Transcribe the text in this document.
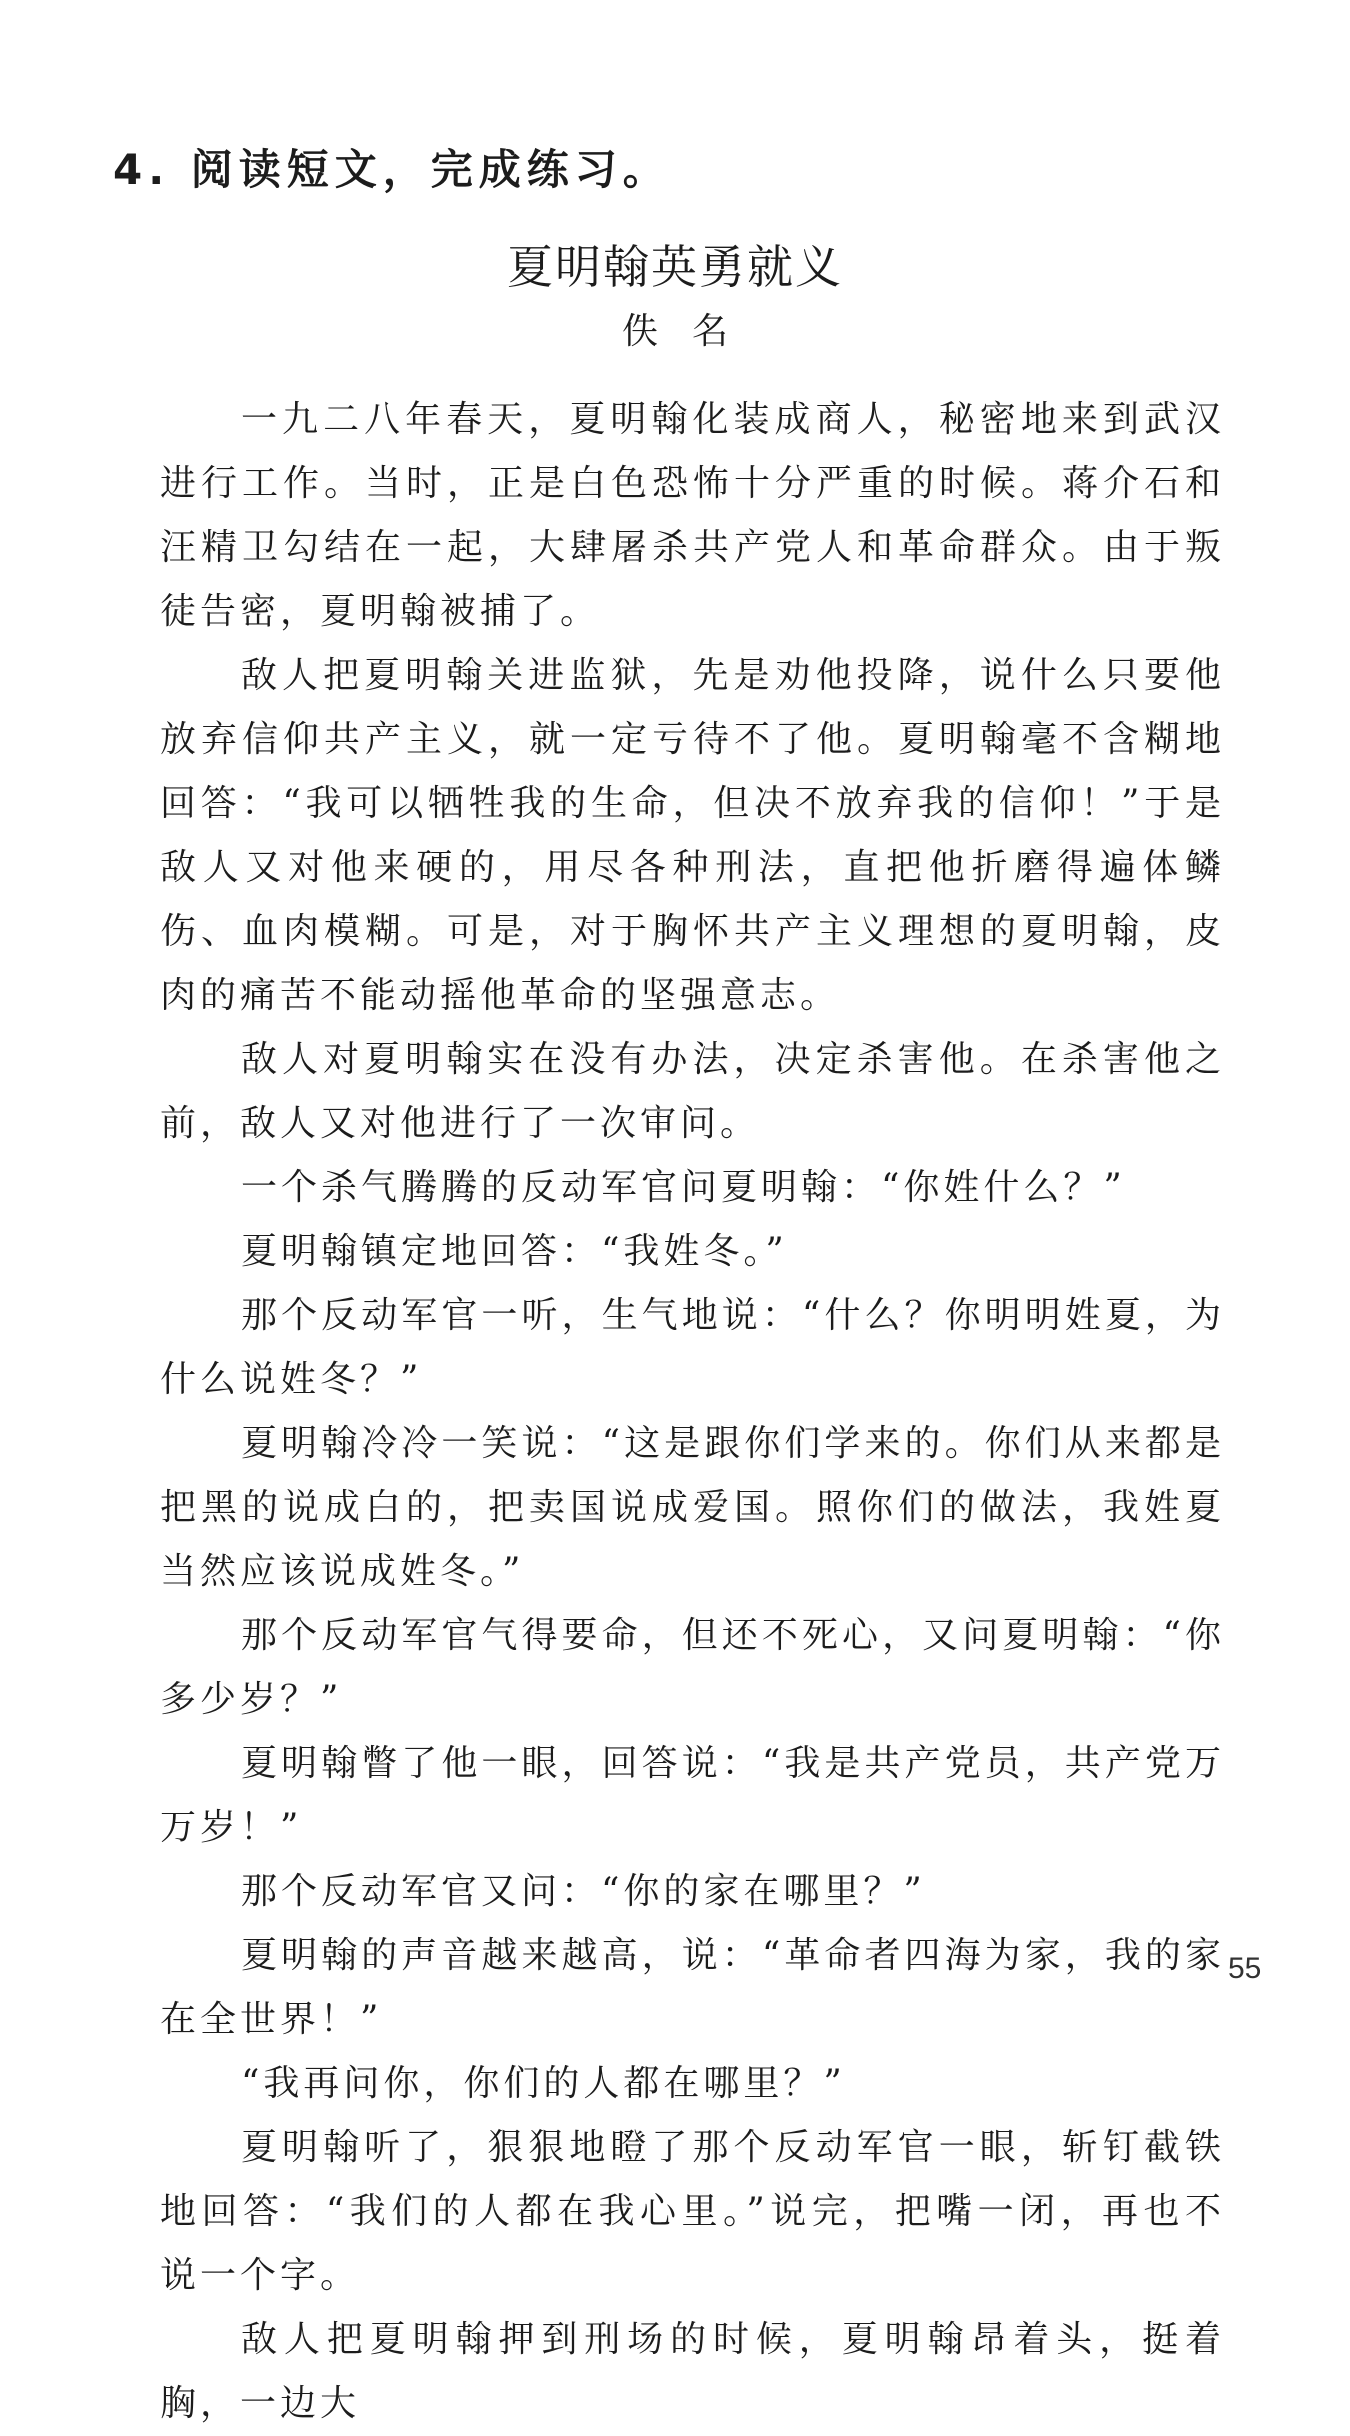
4. 阅读短文，完成练习。
夏明翰英勇就义
佚名

一九二八年春天，夏明翰化装成商人，秘密地来到武汉进行工作。当时，正是白色恐怖十分严重的时候。蒋介石和汪精卫勾结在一起，大肆屠杀共产党人和革命群众。由于叛徒告密，夏明翰被捕了。

敌人把夏明翰关进监狱，先是劝他投降，说什么只要他放弃信仰共产主义，就一定亏待不了他。夏明翰毫不含糊地回答：“我可以牺牲我的生命，但决不放弃我的信仰！”于是敌人又对他来硬的，用尽各种刑法，直把他折磨得遍体鳞伤、血肉模糊。可是，对于胸怀共产主义理想的夏明翰，皮肉的痛苦不能动摇他革命的坚强意志。

敌人对夏明翰实在没有办法，决定杀害他。在杀害他之前，敌人又对他进行了一次审问。

一个杀气腾腾的反动军官问夏明翰：“你姓什么？”

夏明翰镇定地回答：“我姓冬。”

那个反动军官一听，生气地说：“什么？你明明姓夏，为什么说姓冬？”

夏明翰冷冷一笑说：“这是跟你们学来的。你们从来都是把黑的说成白的，把卖国说成爱国。照你们的做法，我姓夏当然应该说成姓冬。”

那个反动军官气得要命，但还不死心，又问夏明翰：“你多少岁？”

夏明翰瞥了他一眼，回答说：“我是共产党员，共产党万万岁！”

那个反动军官又问：“你的家在哪里？”

夏明翰的声音越来越高，说：“革命者四海为家，我的家在全世界！”

“我再问你，你们的人都在哪里？”

夏明翰听了，狠狠地瞪了那个反动军官一眼，斩钉截铁地回答：“我们的人都在我心里。”说完，把嘴一闭，再也不说一个字。

敌人把夏明翰押到刑场的时候，夏明翰昂着头，挺着胸，一边大

55
